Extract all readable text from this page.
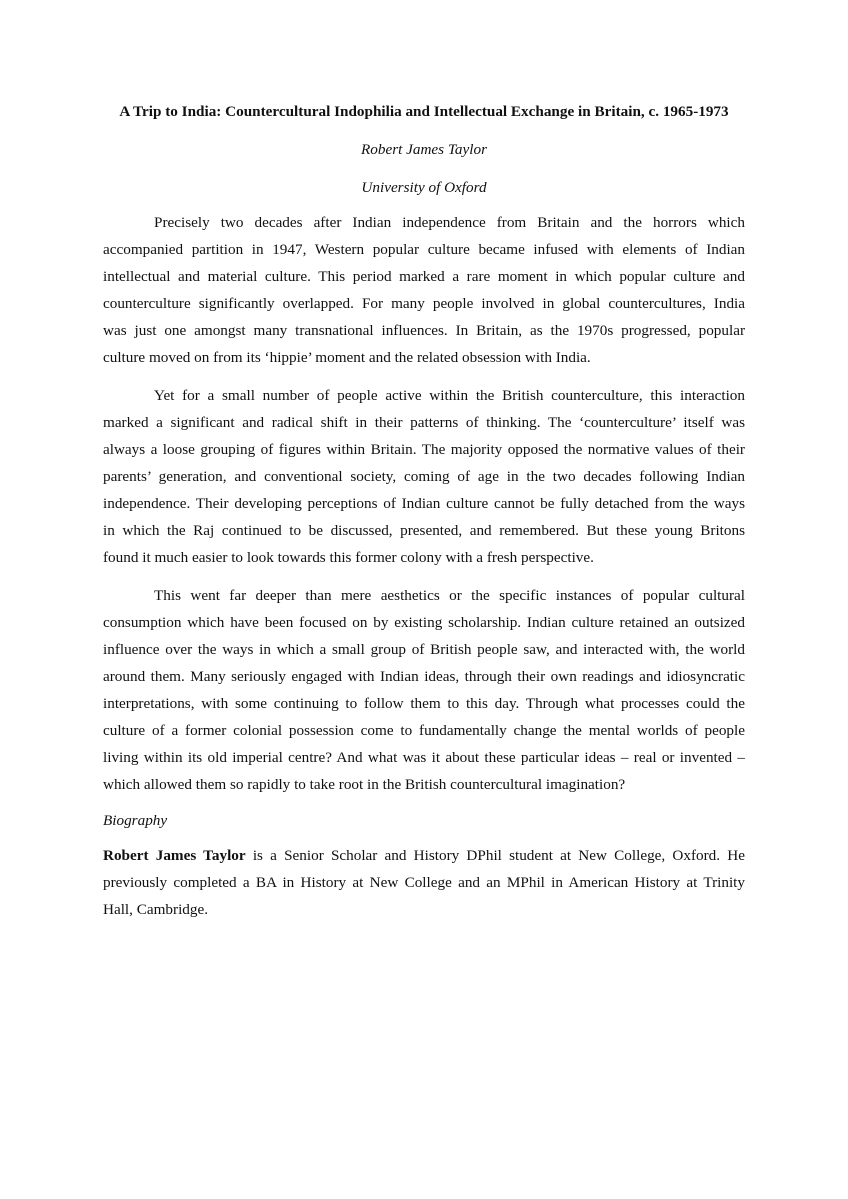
A Trip to India: Countercultural Indophilia and Intellectual Exchange in Britain, c. 1965-1973

Robert James Taylor

University of Oxford

Precisely two decades after Indian independence from Britain and the horrors which
accompanied partition in 1947, Western popular culture became infused with elements of Indian
intellectual and material culture. This period marked a rare moment in which popular culture and
counterculture significantly overlapped. For many people involved in global countercultures, India
was just one amongst many transnational influences. In Britain, as the 1970s progressed, popular
culture moved on from its ‘hippie’ moment and the related obsession with India.

Yet for a small number of people active within the British counterculture, this interaction
marked a significant and radical shift in their patterns of thinking. The ‘counterculture’ itself was
always a loose grouping of figures within Britain. The majority opposed the normative values of their
parents’ generation, and conventional society, coming of age in the two decades following Indian
independence. Their developing perceptions of Indian culture cannot be fully detached from the ways
in which the Raj continued to be discussed, presented, and remembered. But these young Britons
found it much easier to look towards this former colony with a fresh perspective.

This went far deeper than mere aesthetics or the specific instances of popular cultural
consumption which have been focused on by existing scholarship. Indian culture retained an outsized
influence over the ways in which a small group of British people saw, and interacted with, the world
around them. Many seriously engaged with Indian ideas, through their own readings and idiosyncratic
interpretations, with some continuing to follow them to this day. Through what processes could the
culture of a former colonial possession come to fundamentally change the mental worlds of people
living within its old imperial centre? And what was it about these particular ideas – real or invented –
which allowed them so rapidly to take root in the British countercultural imagination?

Biography

Robert James Taylor is a Senior Scholar and History DPhil student at New College, Oxford. He
previously completed a BA in History at New College and an MPhil in American History at Trinity
Hall, Cambridge.
